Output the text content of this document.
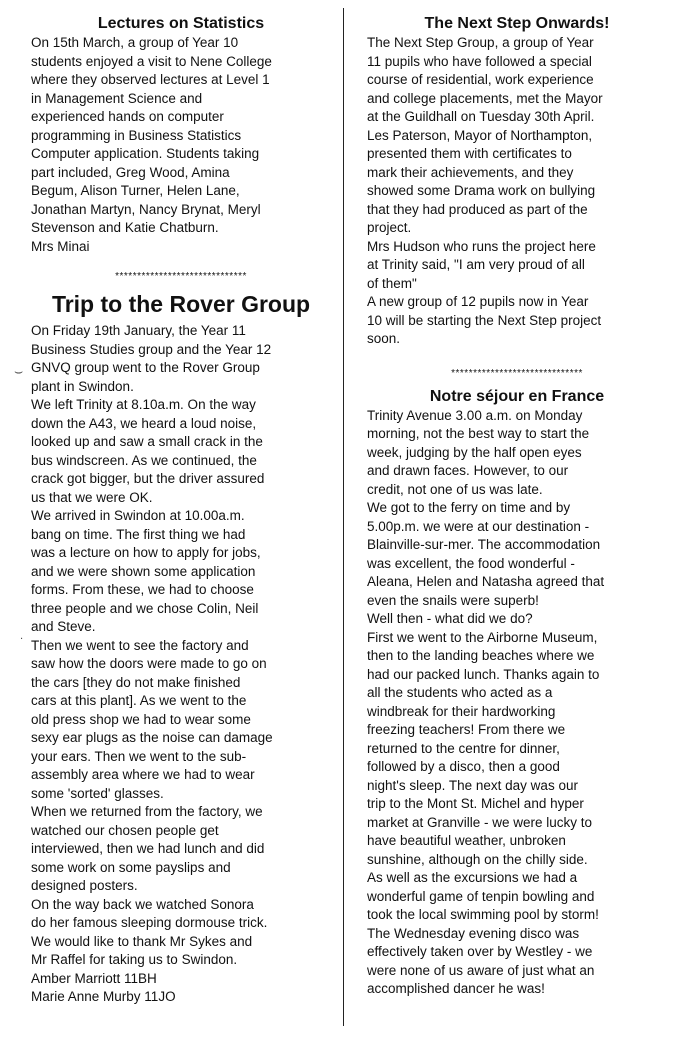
⌣
·
Lectures on Statistics

On 15th March, a group of Year 10
students enjoyed a visit to Nene College
where they observed lectures at Level 1
in Management Science and
experienced hands on computer
programming in Business Statistics
Computer application. Students taking
part included, Greg Wood, Amina
Begum, Alison Turner, Helen Lane,
Jonathan Martyn, Nancy Brynat, Meryl
Stevenson and Katie Chatburn.
Mrs Minai

******************************
Trip to the Rover Group

On Friday 19th January, the Year 11
Business Studies group and the Year 12
GNVQ group went to the Rover Group
plant in Swindon.
We left Trinity at 8.10a.m. On the way
down the A43, we heard a loud noise,
looked up and saw a small crack in the
bus windscreen. As we continued, the
crack got bigger, but the driver assured
us that we were OK.
We arrived in Swindon at 10.00a.m.
bang on time. The first thing we had
was a lecture on how to apply for jobs,
and we were shown some application
forms. From these, we had to choose
three people and we chose Colin, Neil
and Steve.
Then we went to see the factory and
saw how the doors were made to go on
the cars [they do not make finished
cars at this plant]. As we went to the
old press shop we had to wear some
sexy ear plugs as the noise can damage
your ears. Then we went to the sub-
assembly area where we had to wear
some 'sorted' glasses.
When we returned from the factory, we
watched our chosen people get
interviewed, then we had lunch and did
some work on some payslips and
designed posters.
On the way back we watched Sonora
do her famous sleeping dormouse trick.
We would like to thank Mr Sykes and
Mr Raffel for taking us to Swindon.
Amber Marriott 11BH
Marie Anne Murby 11JO

The Next Step Onwards!

The Next Step Group, a group of Year
11 pupils who have followed a special
course of residential, work experience
and college placements, met the Mayor
at the Guildhall on Tuesday 30th April.
Les Paterson, Mayor of Northampton,
presented them with certificates to
mark their achievements, and they
showed some Drama work on bullying
that they had produced as part of the
project.
Mrs Hudson who runs the project here
at Trinity said, "I am very proud of all
of them"
A new group of 12 pupils now in Year
10 will be starting the Next Step project
soon.

******************************
Notre séjour en France

Trinity Avenue 3.00 a.m. on Monday
morning, not the best way to start the
week, judging by the half open eyes
and drawn faces. However, to our
credit, not one of us was late.
We got to the ferry on time and by
5.00p.m. we were at our destination -
Blainville-sur-mer. The accommodation
was excellent, the food wonderful -
Aleana, Helen and Natasha agreed that
even the snails were superb!
Well then - what did we do?
First we went to the Airborne Museum,
then to the landing beaches where we
had our packed lunch. Thanks again to
all the students who acted as a
windbreak for their hardworking
freezing teachers! From there we
returned to the centre for dinner,
followed by a disco, then a good
night's sleep. The next day was our
trip to the Mont St. Michel and hyper
market at Granville - we were lucky to
have beautiful weather, unbroken
sunshine, although on the chilly side.
As well as the excursions we had a
wonderful game of tenpin bowling and
took the local swimming pool by storm!
The Wednesday evening disco was
effectively taken over by Westley - we
were none of us aware of just what an
accomplished dancer he was!
